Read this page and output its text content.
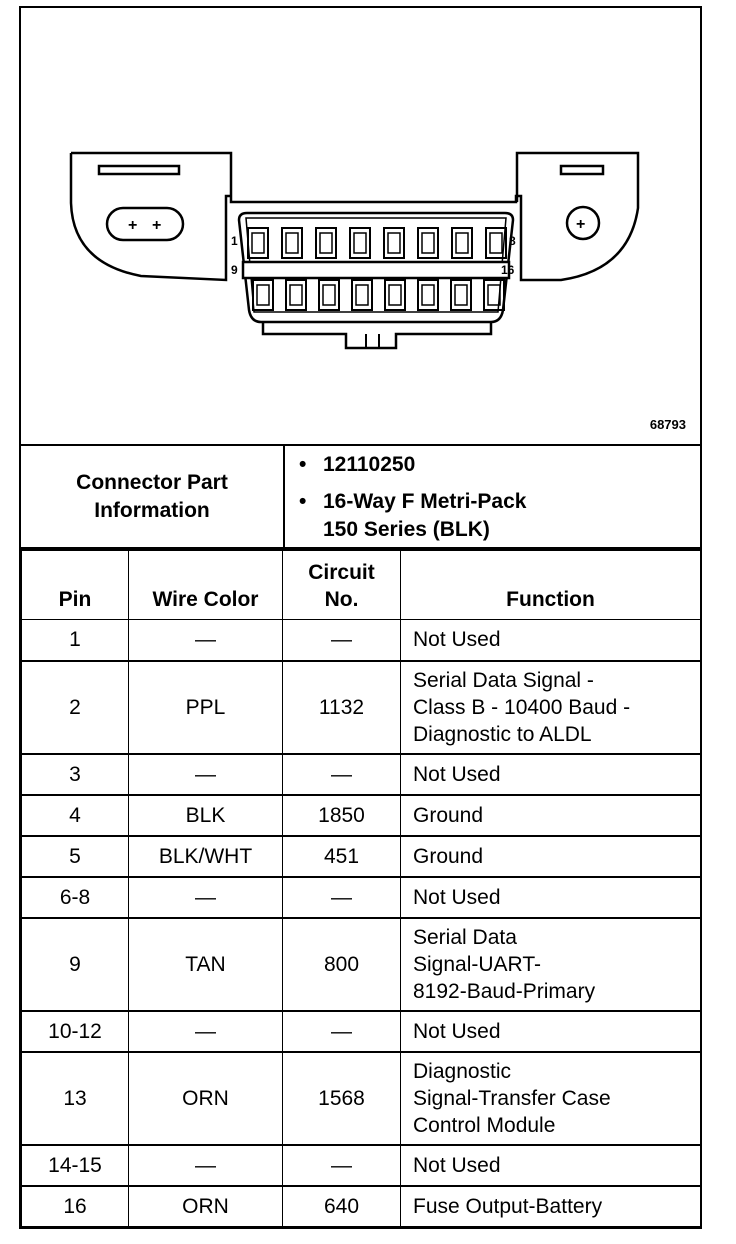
+ +	+
1	8
9	16
68793
Connector Part
Information
• 12110250
• 16-Way F Metri-Pack
150 Series (BLK)
Pin	Wire Color	Circuit
No.	Function
1	—	—	Not Used

2	PPL	1132	Serial Data Signal -
Class B - 10400 Baud -
Diagnostic to ALDL

3	—	—	Not Used

4	BLK	1850	Ground

5	BLK/WHT	451	Ground

6-8	—	—	Not Used

9	TAN	800	Serial Data
Signal-UART-
8192-Baud-Primary

10-12	—	—	Not Used

13	ORN	1568	Diagnostic
Signal-Transfer Case
Control Module

14-15	—	—	Not Used

16	ORN	640	Fuse Output-Battery
